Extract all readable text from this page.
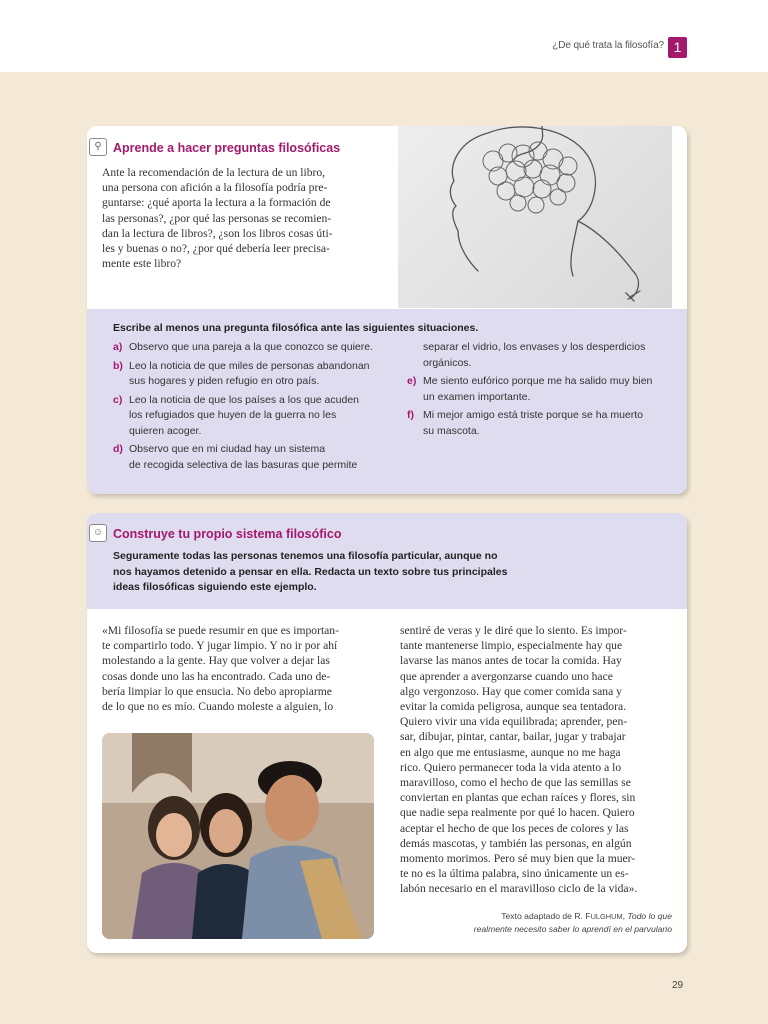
¿De qué trata la filosofía? 1
⚲ Aprende a hacer preguntas filosóficas
Ante la recomendación de la lectura de un libro,
una persona con afición a la filosofía podría pre-
guntarse: ¿qué aporta la lectura a la formación de
las personas?, ¿por qué las personas se recomien-
dan la lectura de libros?, ¿son los libros cosas úti-
les y buenas o no?, ¿por qué debería leer precisa-
mente este libro?
Escribe al menos una pregunta filosófica ante las siguientes situaciones.
a) Observo que una pareja a la que conozco se quiere.
b) Leo la noticia de que miles de personas abandonan
sus hogares y piden refugio en otro país.
c) Leo la noticia de que los países a los que acuden
los refugiados que huyen de la guerra no les
quieren acoger.
d) Observo que en mi ciudad hay un sistema
de recogida selectiva de las basuras que permite
separar el vidrio, los envases y los desperdicios
orgánicos.
e) Me siento eufórico porque me ha salido muy bien
un examen importante.
f) Mi mejor amigo está triste porque se ha muerto
su mascota.
☺ Construye tu propio sistema filosófico
Seguramente todas las personas tenemos una filosofía particular, aunque no
nos hayamos detenido a pensar en ella. Redacta un texto sobre tus principales
ideas filosóficas siguiendo este ejemplo.
«Mi filosofía se puede resumir en que es importan-
te compartirlo todo. Y jugar limpio. Y no ir por ahí
molestando a la gente. Hay que volver a dejar las
cosas donde uno las ha encontrado. Cada uno de-
bería limpiar lo que ensucia. No debo apropiarme
de lo que no es mío. Cuando moleste a alguien, lo
sentiré de veras y le diré que lo siento. Es impor-
tante mantenerse limpio, especialmente hay que
lavarse las manos antes de tocar la comida. Hay
que aprender a avergonzarse cuando uno hace
algo vergonzoso. Hay que comer comida sana y
evitar la comida peligrosa, aunque sea tentadora.
Quiero vivir una vida equilibrada; aprender, pen-
sar, dibujar, pintar, cantar, bailar, jugar y trabajar
en algo que me entusiasme, aunque no me haga
rico. Quiero permanecer toda la vida atento a lo
maravilloso, como el hecho de que las semillas se
conviertan en plantas que echan raíces y flores, sin
que nadie sepa realmente por qué lo hacen. Quiero
aceptar el hecho de que los peces de colores y las
demás mascotas, y también las personas, en algún
momento morimos. Pero sé muy bien que la muer-
te no es la última palabra, sino únicamente un es-
labón necesario en el maravilloso ciclo de la vida».
Texto adaptado de R. FULGHUM, Todo lo que
realmente necesito saber lo aprendí en el parvulario
29
